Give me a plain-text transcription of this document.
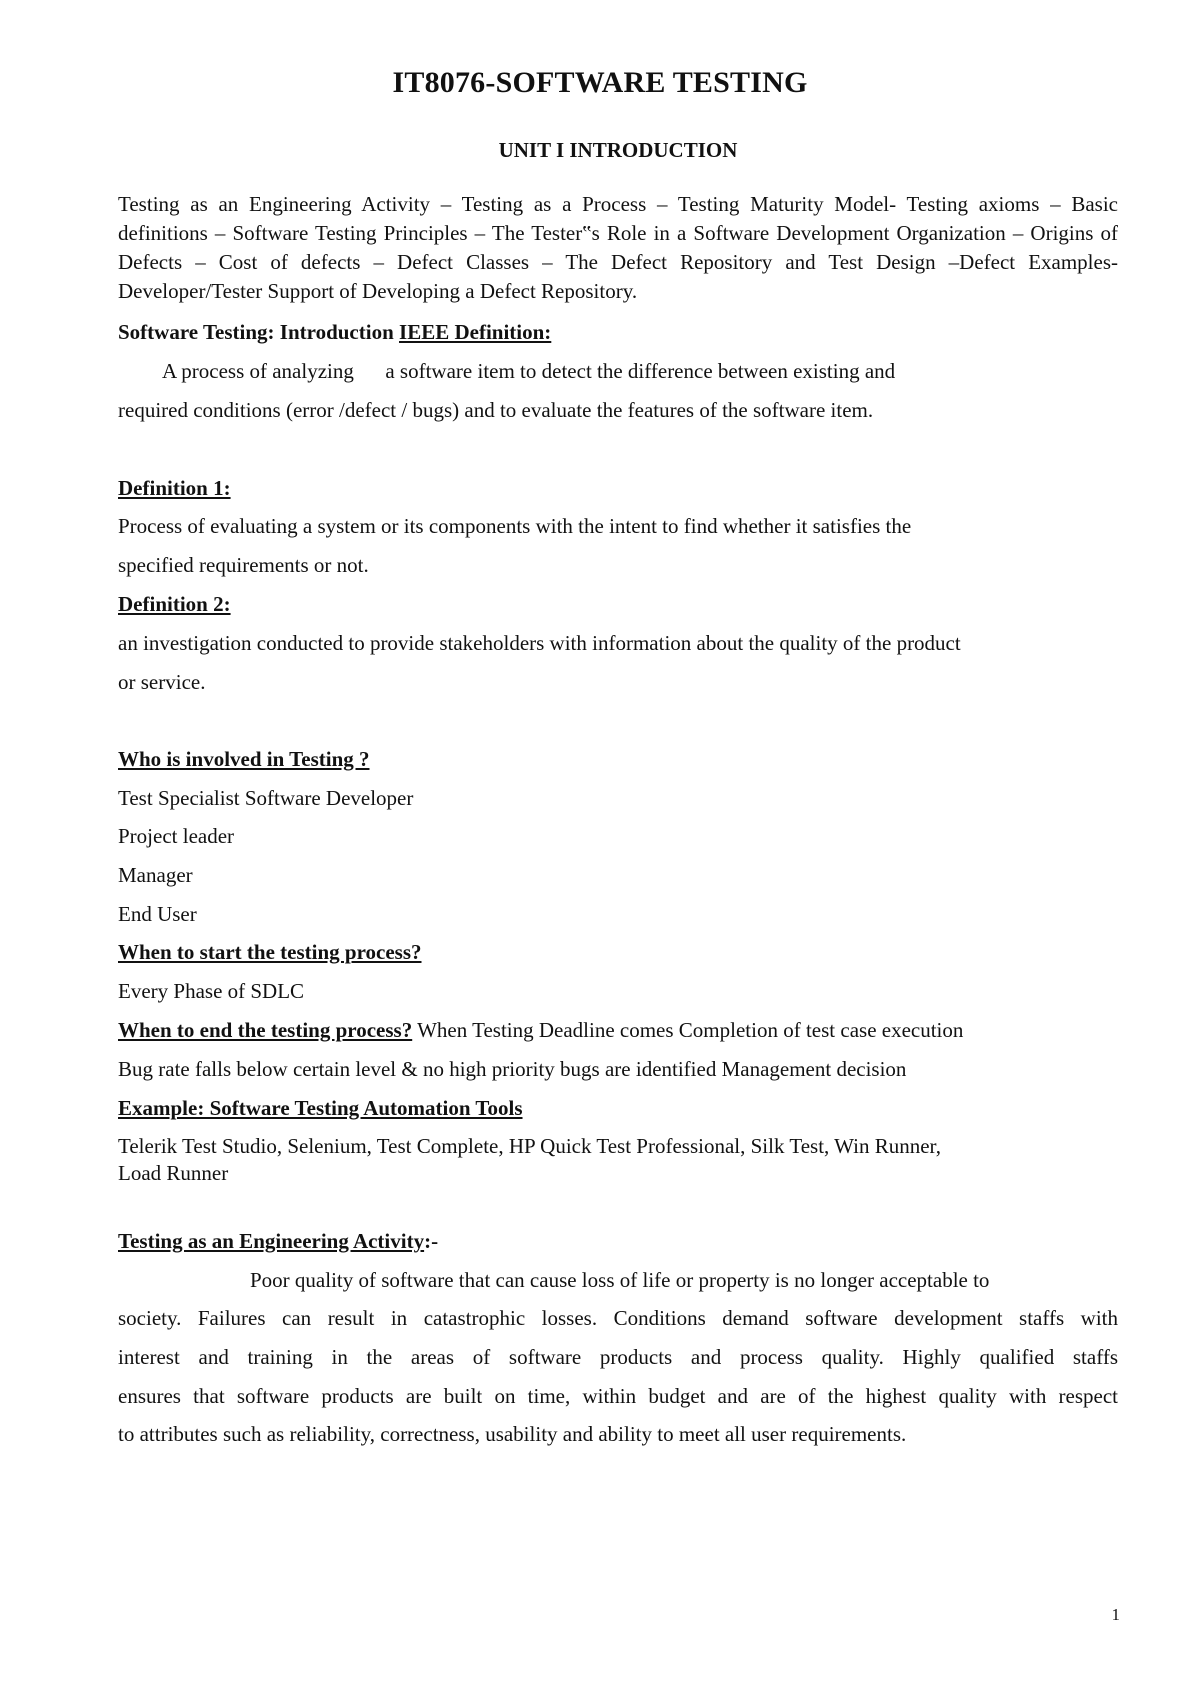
IT8076-SOFTWARE TESTING
UNIT I INTRODUCTION
Testing as an Engineering Activity – Testing as a Process – Testing Maturity Model- Testing axioms – Basic definitions – Software Testing Principles – The Tester‟s Role in a Software Development Organization – Origins of Defects – Cost of defects – Defect Classes – The Defect Repository and Test Design –Defect Examples- Developer/Tester Support of Developing a Defect Repository.
Software Testing: Introduction IEEE Definition:
A process of analyzing      a software item to detect the difference between existing and
required conditions (error /defect / bugs) and to evaluate the features of the software item.
Definition 1:
Process of evaluating a system or its components with the intent to find whether it satisfies the
specified requirements or not.
Definition 2:
an investigation conducted to provide stakeholders with information about the quality of the product
or service.
Who is involved in Testing ?
Test Specialist Software Developer
Project leader
Manager
End User
When to start the testing process?
Every Phase of SDLC
When to end the testing process? When Testing Deadline comes Completion of test case execution
Bug rate falls below certain level & no high priority bugs are identified Management decision
Example: Software Testing Automation Tools
Telerik Test Studio, Selenium, Test Complete, HP Quick Test Professional, Silk Test, Win Runner,
Load Runner
Testing as an Engineering Activity:-
Poor quality of software that can cause loss of life or property is no longer acceptable to
society. Failures can result in catastrophic losses. Conditions demand software development staffs with
interest and training in the areas of software products and process quality. Highly qualified staffs
ensures that software products are built on time, within budget and are of the highest quality with respect
to attributes such as reliability, correctness, usability and ability to meet all user requirements.
1
